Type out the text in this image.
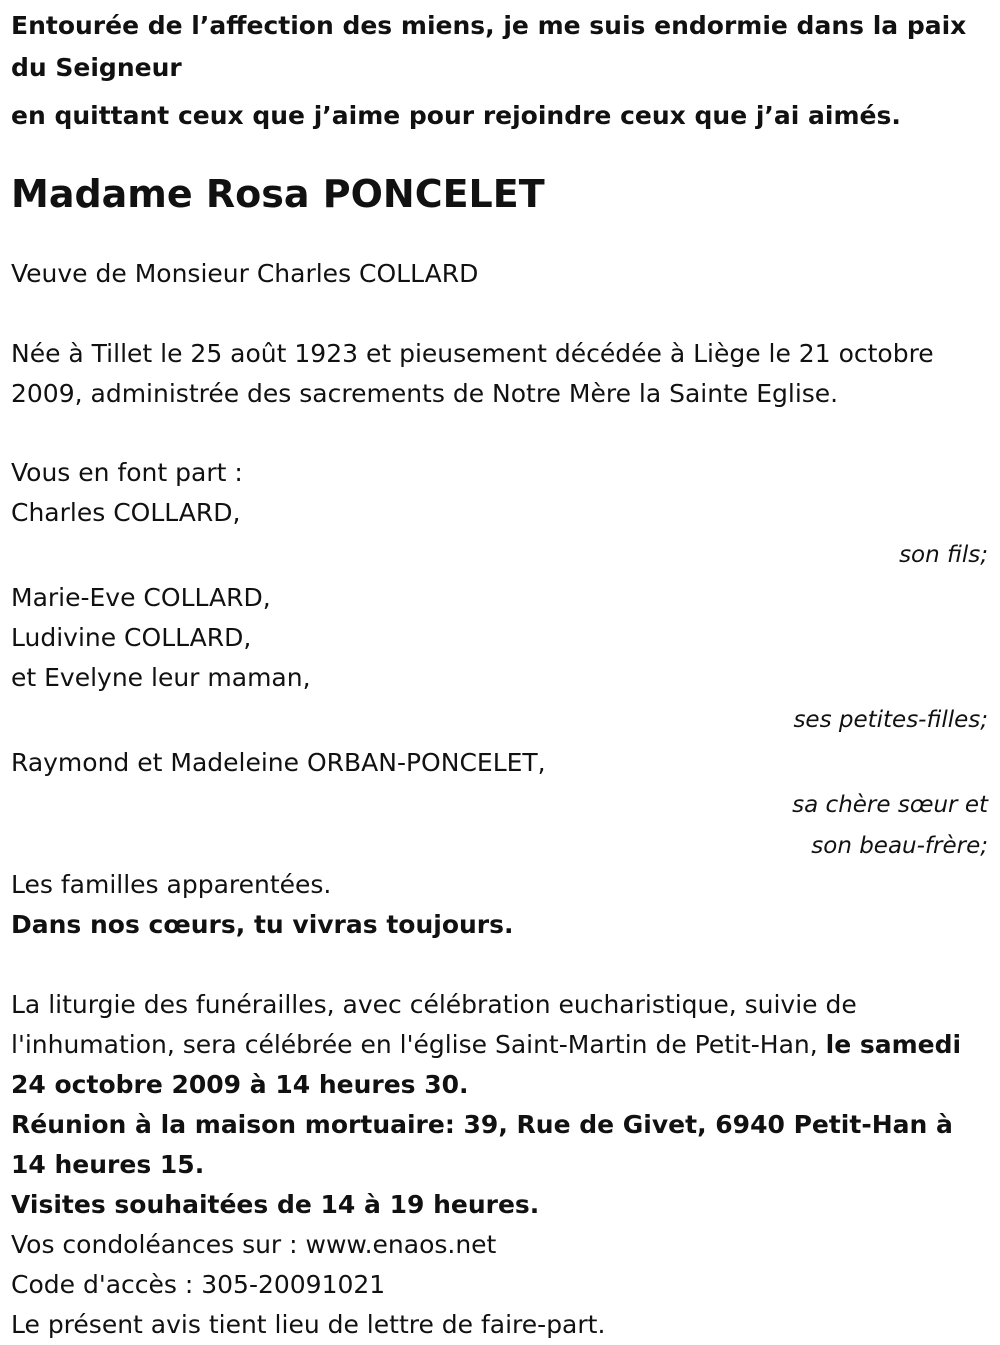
Entourée de l’affection des miens, je me suis endormie dans la paix du Seigneur
en quittant ceux que j’aime pour rejoindre ceux que j’ai aimés.
Madame Rosa PONCELET
Veuve de Monsieur Charles COLLARD
Née à Tillet le 25 août 1923 et pieusement décédée à Liège le 21 octobre 2009, administrée des sacrements de Notre Mère la Sainte Eglise.
Vous en font part :
Charles COLLARD,
son fils;
Marie-Eve COLLARD,
Ludivine COLLARD,
et Evelyne leur maman,
ses petites-filles;
Raymond et Madeleine ORBAN-PONCELET,
sa chère sœur et
son beau-frère;
Les familles apparentées.
Dans nos cœurs, tu vivras toujours.
La liturgie des funérailles, avec célébration eucharistique, suivie de l'inhumation, sera célébrée en l'église Saint-Martin de Petit-Han, le samedi 24 octobre 2009 à 14 heures 30.
Réunion à la maison mortuaire: 39, Rue de Givet, 6940 Petit-Han à 14 heures 15.
Visites souhaitées de 14 à 19 heures.
Vos condoléances sur : www.enaos.net
Code d'accès : 305-20091021
Le présent avis tient lieu de lettre de faire-part.
